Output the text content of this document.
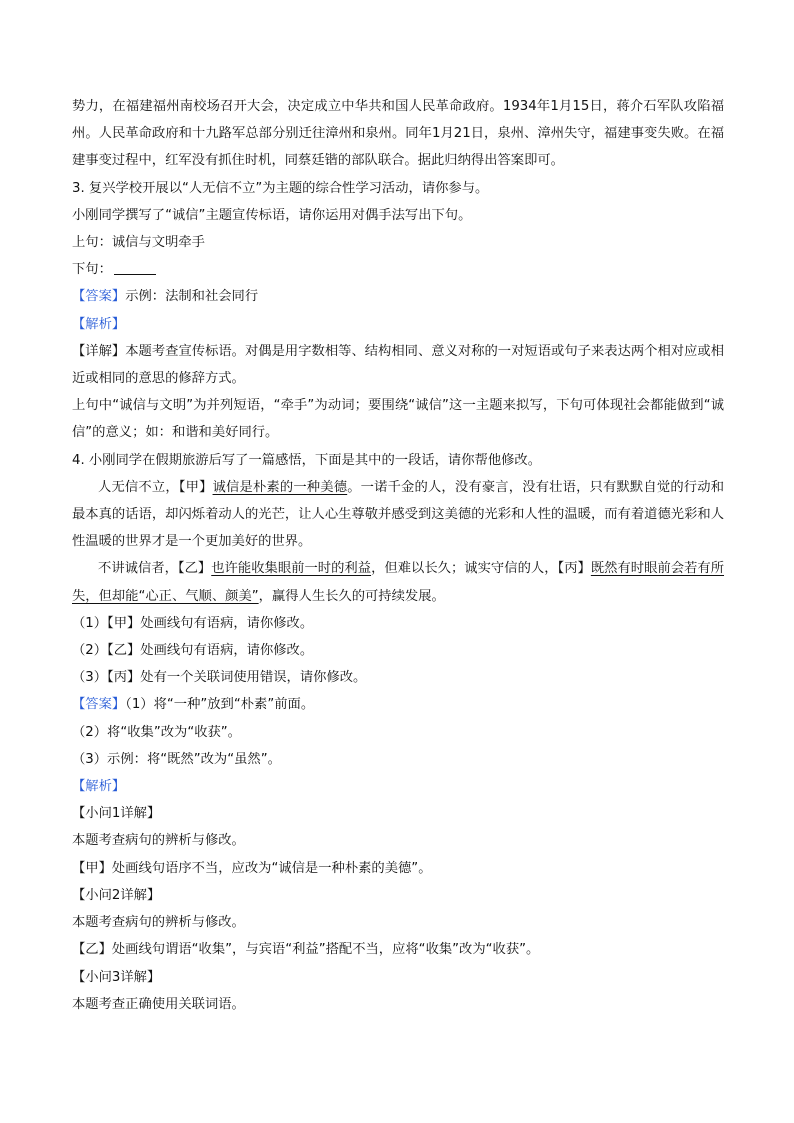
势力，在福建福州南校场召开大会，决定成立中华共和国人民革命政府。1934年1月15日，蒋介石军队攻陷福州。人民革命政府和十九路军总部分别迁往漳州和泉州。同年1月21日，泉州、漳州失守，福建事变失败。在福建事变过程中，红军没有抓住时机，同蔡廷锴的部队联合。据此归纳得出答案即可。

3. 复兴学校开展以“人无信不立”为主题的综合性学习活动，请你参与。

小刚同学撰写了“诚信”主题宣传标语，请你运用对偶手法写出下句。

上句：诚信与文明牵手

下句：

【答案】示例：法制和社会同行

【解析】

【详解】本题考查宣传标语。对偶是用字数相等、结构相同、意义对称的一对短语或句子来表达两个相对应或相近或相同的意思的修辞方式。

上句中“诚信与文明”为并列短语，“牵手”为动词；要围绕“诚信”这一主题来拟写，下句可体现社会都能做到“诚信”的意义；如：和谐和美好同行。

4. 小刚同学在假期旅游后写了一篇感悟，下面是其中的一段话，请你帮他修改。

人无信不立，【甲】诚信是朴素的一种美德。一诺千金的人，没有豪言，没有壮语，只有默默自觉的行动和最本真的话语，却闪烁着动人的光芒，让人心生尊敬并感受到这美德的光彩和人性的温暖，而有着道德光彩和人性温暖的世界才是一个更加美好的世界。

不讲诚信者，【乙】也许能收集眼前一时的利益，但难以长久；诚实守信的人，【丙】既然有时眼前会若有所失，但却能“心正、气顺、颜美”，赢得人生长久的可持续发展。

（1）【甲】处画线句有语病，请你修改。

（2）【乙】处画线句有语病，请你修改。

（3）【丙】处有一个关联词使用错误，请你修改。

【答案】（1）将“一种”放到“朴素”前面。

（2）将“收集”改为“收获”。

（3）示例：将“既然”改为“虽然”。

【解析】

【小问1详解】

本题考查病句的辨析与修改。

【甲】处画线句语序不当，应改为“诚信是一种朴素的美德”。

【小问2详解】

本题考查病句的辨析与修改。

【乙】处画线句谓语“收集”，与宾语“利益”搭配不当，应将“收集”改为“收获”。

【小问3详解】

本题考查正确使用关联词语。
